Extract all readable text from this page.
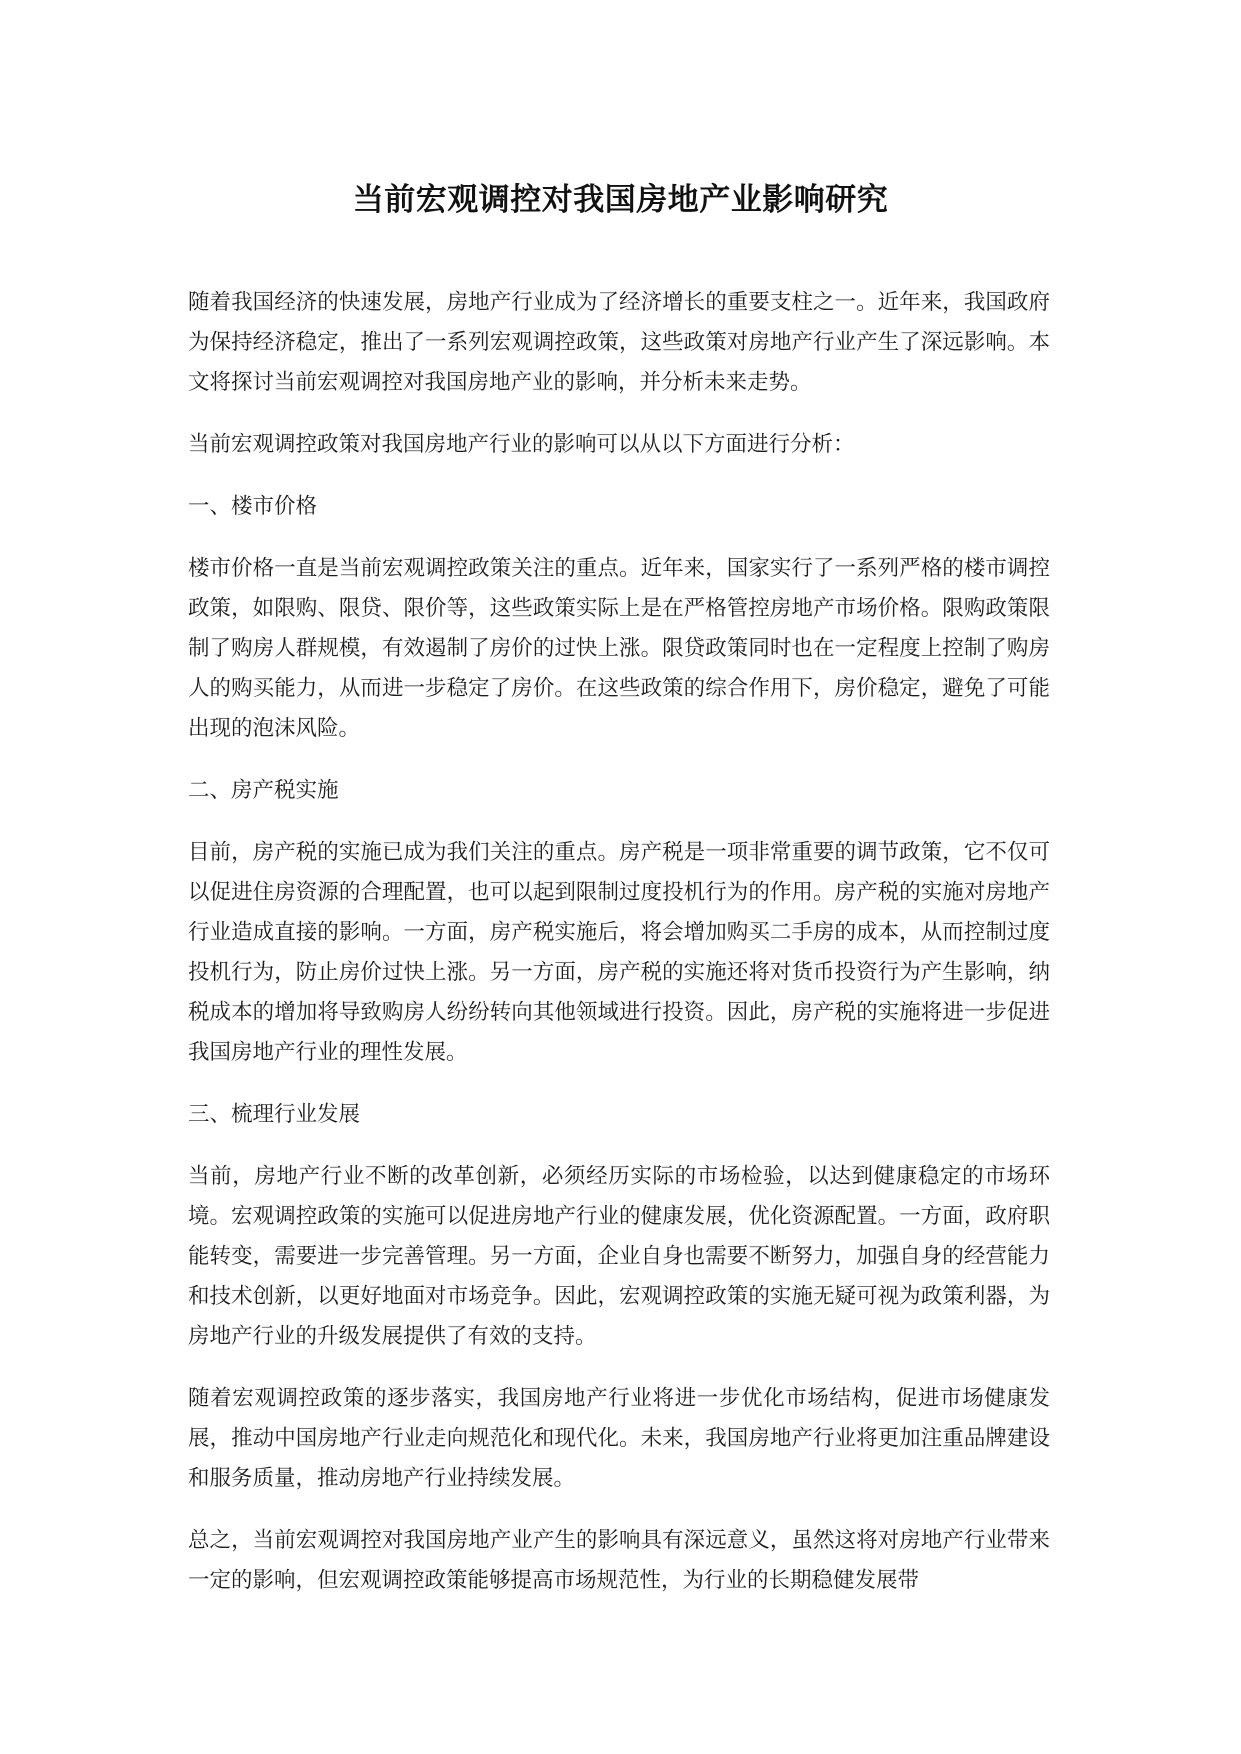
当前宏观调控对我国房地产业影响研究

随着我国经济的快速发展，房地产行业成为了经济增长的重要支柱之一。近年来，我国政府为保持经济稳定，推出了一系列宏观调控政策，这些政策对房地产行业产生了深远影响。本文将探讨当前宏观调控对我国房地产业的影响，并分析未来走势。

当前宏观调控政策对我国房地产行业的影响可以从以下方面进行分析：

一、楼市价格

楼市价格一直是当前宏观调控政策关注的重点。近年来，国家实行了一系列严格的楼市调控政策，如限购、限贷、限价等，这些政策实际上是在严格管控房地产市场价格。限购政策限制了购房人群规模，有效遏制了房价的过快上涨。限贷政策同时也在一定程度上控制了购房人的购买能力，从而进一步稳定了房价。在这些政策的综合作用下，房价稳定，避免了可能出现的泡沫风险。

二、房产税实施

目前，房产税的实施已成为我们关注的重点。房产税是一项非常重要的调节政策，它不仅可以促进住房资源的合理配置，也可以起到限制过度投机行为的作用。房产税的实施对房地产行业造成直接的影响。一方面，房产税实施后，将会增加购买二手房的成本，从而控制过度投机行为，防止房价过快上涨。另一方面，房产税的实施还将对货币投资行为产生影响，纳税成本的增加将导致购房人纷纷转向其他领域进行投资。因此，房产税的实施将进一步促进我国房地产行业的理性发展。

三、梳理行业发展

当前，房地产行业不断的改革创新，必须经历实际的市场检验，以达到健康稳定的市场环境。宏观调控政策的实施可以促进房地产行业的健康发展，优化资源配置。一方面，政府职能转变，需要进一步完善管理。另一方面，企业自身也需要不断努力，加强自身的经营能力和技术创新，以更好地面对市场竞争。因此，宏观调控政策的实施无疑可视为政策利器，为房地产行业的升级发展提供了有效的支持。

随着宏观调控政策的逐步落实，我国房地产行业将进一步优化市场结构，促进市场健康发展，推动中国房地产行业走向规范化和现代化。未来，我国房地产行业将更加注重品牌建设和服务质量，推动房地产行业持续发展。

总之，当前宏观调控对我国房地产业产生的影响具有深远意义，虽然这将对房地产行业带来一定的影响，但宏观调控政策能够提高市场规范性，为行业的长期稳健发展带
